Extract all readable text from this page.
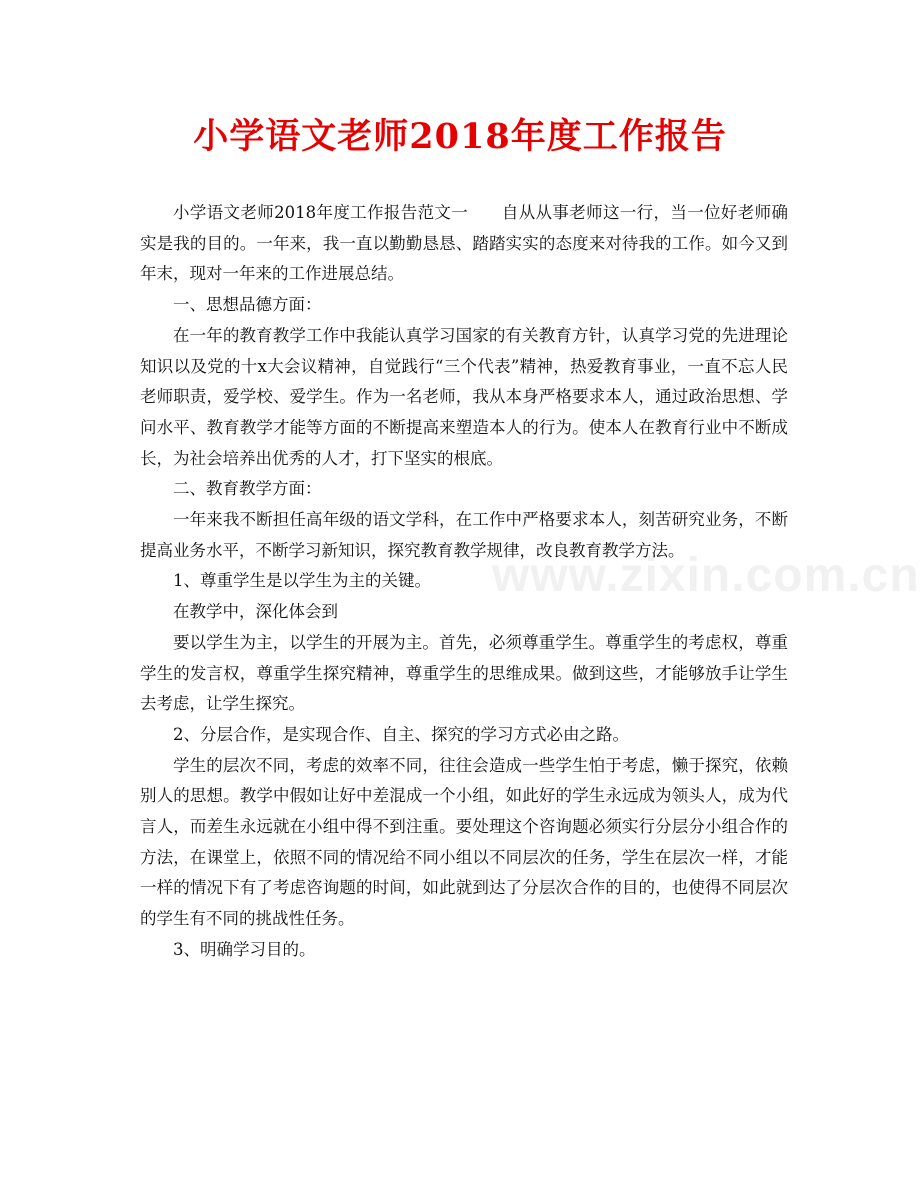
小学语文老师2018年度工作报告
www.zixin.com.cn

小学语文老师2018年度工作报告范文一　　自从从事老师这一行，当一位好老师确实是我的目的。一年来，我一直以勤勤恳恳、踏踏实实的态度来对待我的工作。如今又到年末，现对一年来的工作进展总结。

一、思想品德方面：

在一年的教育教学工作中我能认真学习国家的有关教育方针，认真学习党的先进理论知识以及党的十x大会议精神，自觉践行“三个代表”精神，热爱教育事业，一直不忘人民老师职责，爱学校、爱学生。作为一名老师，我从本身严格要求本人，通过政治思想、学问水平、教育教学才能等方面的不断提高来塑造本人的行为。使本人在教育行业中不断成长，为社会培养出优秀的人才，打下坚实的根底。

二、教育教学方面：

一年来我不断担任高年级的语文学科，在工作中严格要求本人，刻苦研究业务，不断提高业务水平，不断学习新知识，探究教育教学规律，改良教育教学方法。

1、尊重学生是以学生为主的关键。

在教学中，深化体会到

要以学生为主，以学生的开展为主。首先，必须尊重学生。尊重学生的考虑权，尊重学生的发言权，尊重学生探究精神，尊重学生的思维成果。做到这些，才能够放手让学生去考虑，让学生探究。

2、分层合作，是实现合作、自主、探究的学习方式必由之路。

学生的层次不同，考虑的效率不同，往往会造成一些学生怕于考虑，懒于探究，依赖别人的思想。教学中假如让好中差混成一个小组，如此好的学生永远成为领头人，成为代言人，而差生永远就在小组中得不到注重。要处理这个咨询题必须实行分层分小组合作的方法，在课堂上，依照不同的情况给不同小组以不同层次的任务，学生在层次一样，才能一样的情况下有了考虑咨询题的时间，如此就到达了分层次合作的目的，也使得不同层次的学生有不同的挑战性任务。

3、明确学习目的。
